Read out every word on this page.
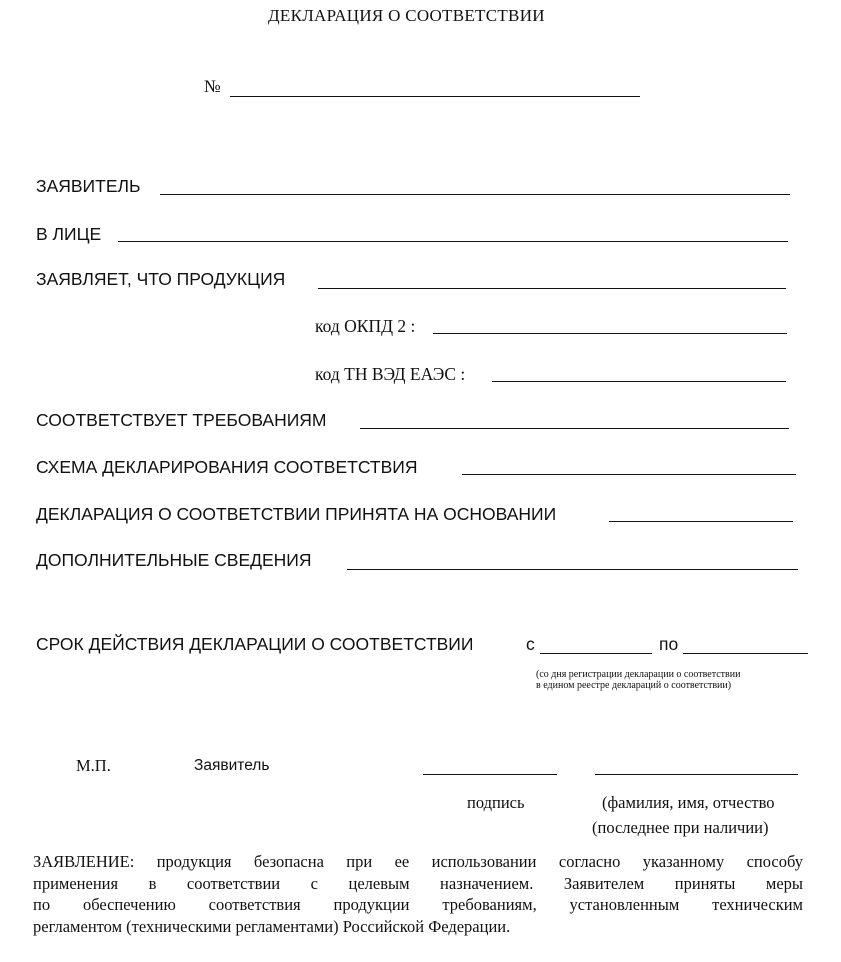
ДЕКЛАРАЦИЯ О СООТВЕТСТВИИ
№
ЗАЯВИТЕЛЬ
В ЛИЦЕ
ЗАЯВЛЯЕТ, ЧТО ПРОДУКЦИЯ
код ОКПД 2 :
код ТН ВЭД ЕАЭС :
СООТВЕТСТВУЕТ ТРЕБОВАНИЯМ
СХЕМА ДЕКЛАРИРОВАНИЯ СООТВЕТСТВИЯ
ДЕКЛАРАЦИЯ О СООТВЕТСТВИИ ПРИНЯТА НА ОСНОВАНИИ
ДОПОЛНИТЕЛЬНЫЕ СВЕДЕНИЯ
СРОК ДЕЙСТВИЯ ДЕКЛАРАЦИИ О СООТВЕТСТВИИ	с	по
(со дня регистрации декларации о соответствии
в едином реестре деклараций о соответствии)
М.П.	Заявитель
подпись	(фамилия, имя, отчество
(последнее при наличии)
ЗАЯВЛЕНИЕ: продукция безопасна при ее использовании согласно указанному способу
применения в соответствии с целевым назначением. Заявителем приняты меры
по обеспечению соответствия продукции требованиям, установленным техническим
регламентом (техническими регламентами) Российской Федерации.
